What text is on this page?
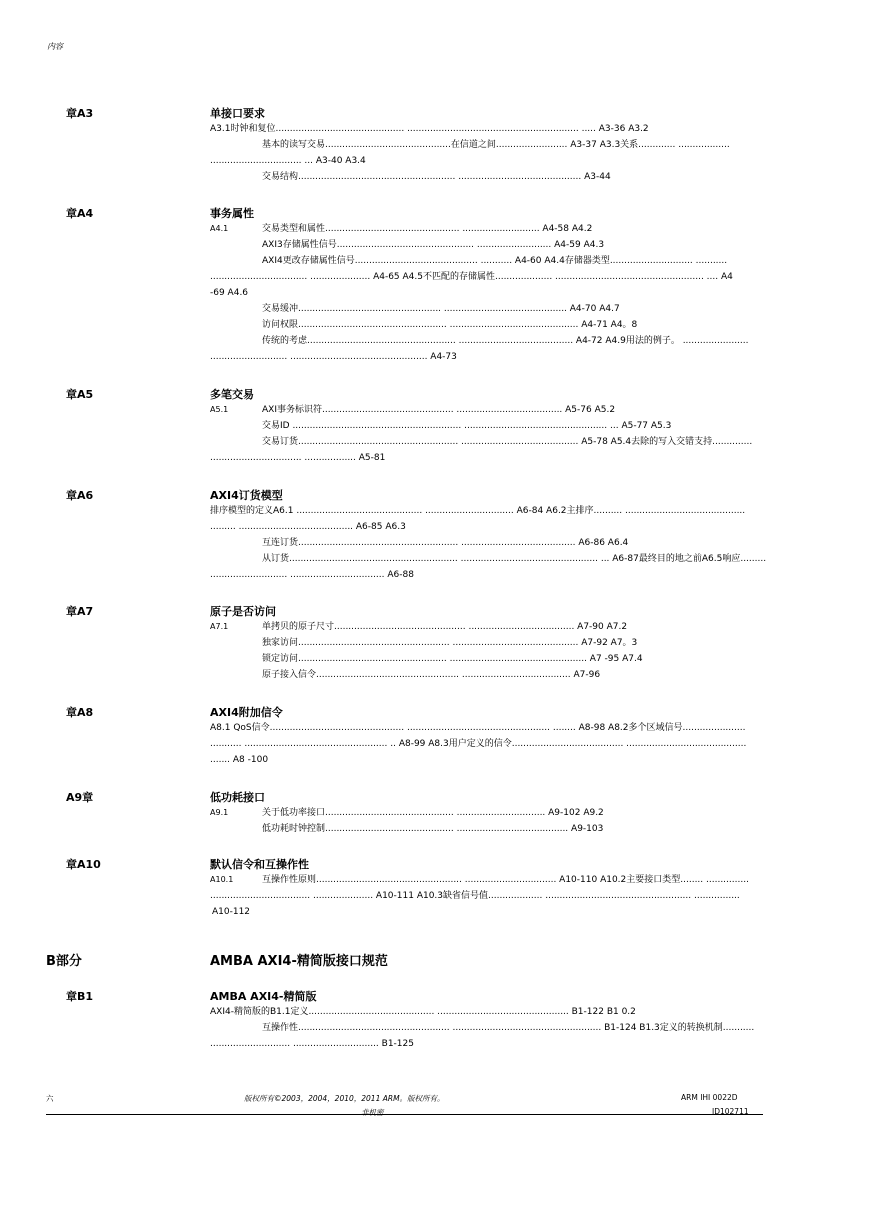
内容
章A3	单接口要求
A3.1时钟和复位............................................. ............................................................ ..... A3-36 A3.2
基本的读写交易............................................在信道之间......................... A3-37 A3.3关系............. ..................
................................ ... A3-40 A3.4
交易结构....................................................... ........................................... A3-44
章A4	事务属性
A4.1	交易类型和属性............................................... ........................... A4-58 A4.2
AXI3存储属性信号................................................ .......................... A4-59 A4.3
AXI4更改存储属性信号........................................... ........... A4-60 A4.4存储器类型............................. ...........
.................................. ..................... A4-65 A4.5不匹配的存储属性.................... .................................................... .... A4
-69 A4.6
交易缓冲.................................................. ........................................... A4-70 A4.7
访问权限.................................................... ............................................. A4-71 A4。8
传统的考虑.................................................... ........................................ A4-72 A4.9用法的例子。 .......................
........................... ................................................ A4-73
章A5	多笔交易
A5.1	AXI事务标识符.............................................. ..................................... A5-76 A5.2
交易ID ........................................................... .................................................. ... A5-77 A5.3
交易订货........................................................ ......................................... A5-78 A5.4去除的写入交错支持..............
................................ .................. A5-81
章A6	AXI4订货模型
排序模型的定义A6.1 ............................................ ............................... A6-84 A6.2主排序.......... ..........................................
......... ........................................ A6-85 A6.3
互连订货........................................................ ........................................ A6-86 A6.4
从订货........................................................... ................................................ ... A6-87最终目的地之前A6.5响应.........
........................... ................................. A6-88
章A7	原子是否访问
A7.1	单拷贝的原子尺寸.............................................. ..................................... A7-90 A7.2
独家访问..................................................... ............................................ A7-92 A7。3
锁定访问.................................................... ................................................ A7 -95 A7.4
原子接入信令.................................................. ...................................... A7-96
章A8	AXI4附加信令
A8.1 QoS信令............................................... .................................................. ........ A8-98 A8.2多个区域信号......................
........... .................................................. .. A8-99 A8.3用户定义的信令....................................... ..........................................
....... A8 -100
A9章	低功耗接口
A9.1	关于低功率接口............................................. ............................... A9-102 A9.2
低功耗时钟控制............................................. ....................................... A9-103
章A10	默认信令和互操作性
A10.1	互操作性原则................................................... ................................ A10-110 A10.2主要接口类型........ ...............
................................... ..................... A10-111 A10.3缺省信号值................... ................................................... ................
A10-112
B部分	AMBA AXI4-精简版接口规范
章B1	AMBA AXI4-精简版
AXI4-精简版的B1.1定义............................................ .............................................. B1-122 B1 0.2
互操作性..................................................... .................................................... B1-124 B1.3定义的转换机制...........
............................ .............................. B1-125
六	版权所有©2003，2004，2010，2011 ARM。版权所有。	ARM IHI 0022D
非机密	ID102711
